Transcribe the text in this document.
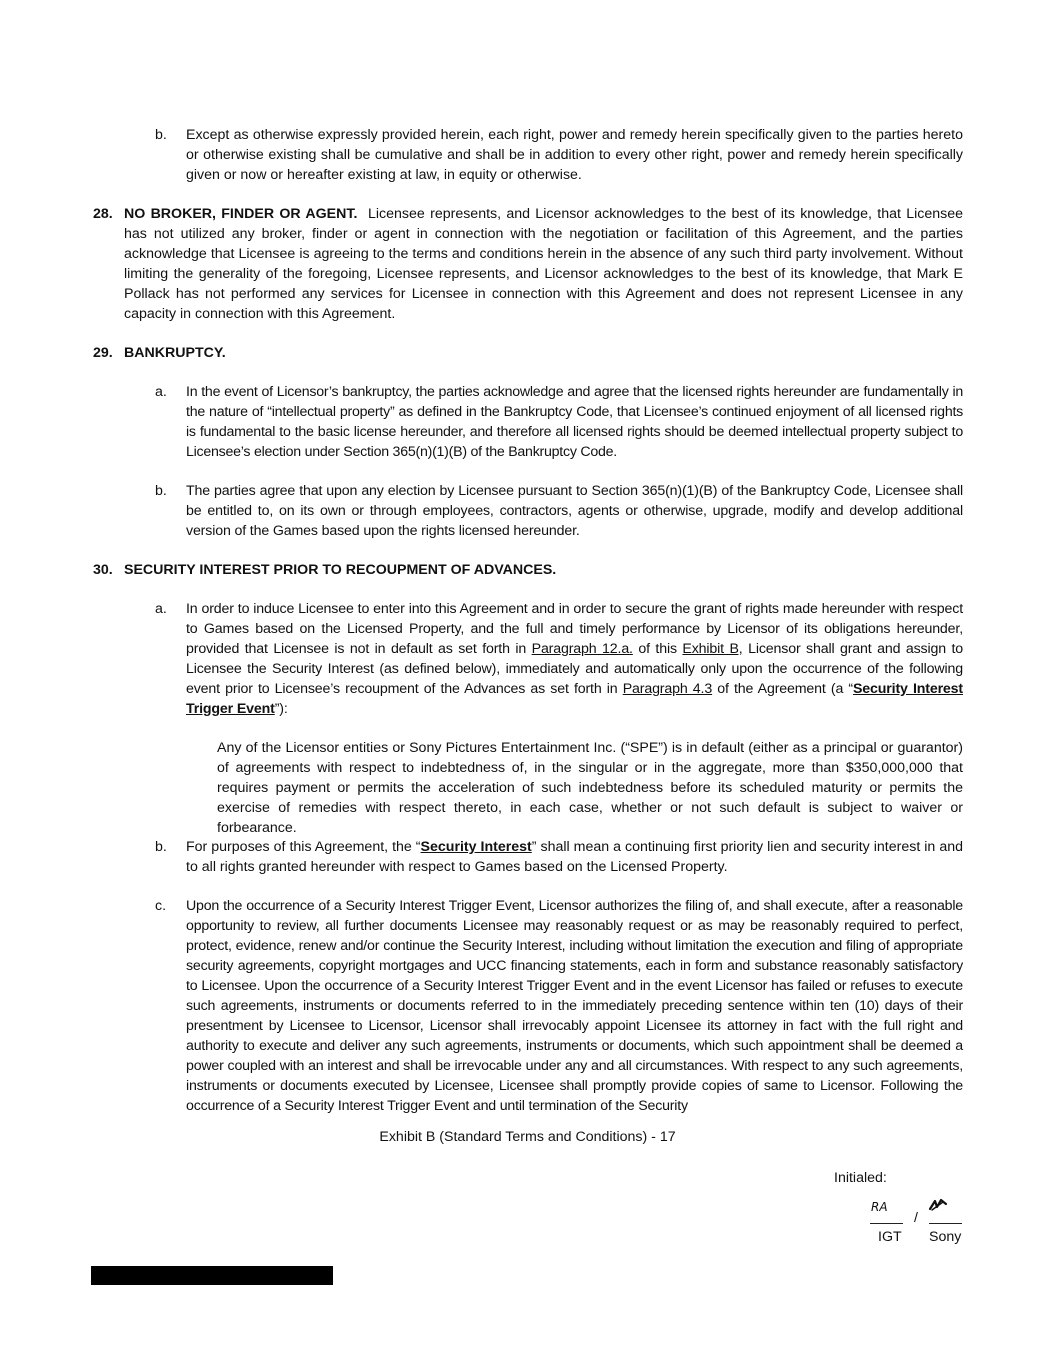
b. Except as otherwise expressly provided herein, each right, power and remedy herein specifically given to the parties hereto or otherwise existing shall be cumulative and shall be in addition to every other right, power and remedy herein specifically given or now or hereafter existing at law, in equity or otherwise.
28. NO BROKER, FINDER OR AGENT. Licensee represents, and Licensor acknowledges to the best of its knowledge, that Licensee has not utilized any broker, finder or agent in connection with the negotiation or facilitation of this Agreement, and the parties acknowledge that Licensee is agreeing to the terms and conditions herein in the absence of any such third party involvement. Without limiting the generality of the foregoing, Licensee represents, and Licensor acknowledges to the best of its knowledge, that Mark E Pollack has not performed any services for Licensee in connection with this Agreement and does not represent Licensee in any capacity in connection with this Agreement.
29. BANKRUPTCY.
a. In the event of Licensor’s bankruptcy, the parties acknowledge and agree that the licensed rights hereunder are fundamentally in the nature of “intellectual property” as defined in the Bankruptcy Code, that Licensee’s continued enjoyment of all licensed rights is fundamental to the basic license hereunder, and therefore all licensed rights should be deemed intellectual property subject to Licensee’s election under Section 365(n)(1)(B) of the Bankruptcy Code.
b. The parties agree that upon any election by Licensee pursuant to Section 365(n)(1)(B) of the Bankruptcy Code, Licensee shall be entitled to, on its own or through employees, contractors, agents or otherwise, upgrade, modify and develop additional version of the Games based upon the rights licensed hereunder.
30. SECURITY INTEREST PRIOR TO RECOUPMENT OF ADVANCES.
a. In order to induce Licensee to enter into this Agreement and in order to secure the grant of rights made hereunder with respect to Games based on the Licensed Property, and the full and timely performance by Licensor of its obligations hereunder, provided that Licensee is not in default as set forth in Paragraph 12.a. of this Exhibit B, Licensor shall grant and assign to Licensee the Security Interest (as defined below), immediately and automatically only upon the occurrence of the following event prior to Licensee’s recoupment of the Advances as set forth in Paragraph 4.3 of the Agreement (a “Security Interest Trigger Event”):
Any of the Licensor entities or Sony Pictures Entertainment Inc. (“SPE”) is in default (either as a principal or guarantor) of agreements with respect to indebtedness of, in the singular or in the aggregate, more than $350,000,000 that requires payment or permits the acceleration of such indebtedness before its scheduled maturity or permits the exercise of remedies with respect thereto, in each case, whether or not such default is subject to waiver or forbearance.
b. For purposes of this Agreement, the “Security Interest” shall mean a continuing first priority lien and security interest in and to all rights granted hereunder with respect to Games based on the Licensed Property.
c. Upon the occurrence of a Security Interest Trigger Event, Licensor authorizes the filing of, and shall execute, after a reasonable opportunity to review, all further documents Licensee may reasonably request or as may be reasonably required to perfect, protect, evidence, renew and/or continue the Security Interest, including without limitation the execution and filing of appropriate security agreements, copyright mortgages and UCC financing statements, each in form and substance reasonably satisfactory to Licensee. Upon the occurrence of a Security Interest Trigger Event and in the event Licensor has failed or refuses to execute such agreements, instruments or documents referred to in the immediately preceding sentence within ten (10) days of their presentment by Licensee to Licensor, Licensor shall irrevocably appoint Licensee its attorney in fact with the full right and authority to execute and deliver any such agreements, instruments or documents, which such appointment shall be deemed a power coupled with an interest and shall be irrevocable under any and all circumstances. With respect to any such agreements, instruments or documents executed by Licensee, Licensee shall promptly provide copies of same to Licensor. Following the occurrence of a Security Interest Trigger Event and until termination of the Security
Exhibit B (Standard Terms and Conditions) - 17
Initialed:
RA
/
IGT Sony
